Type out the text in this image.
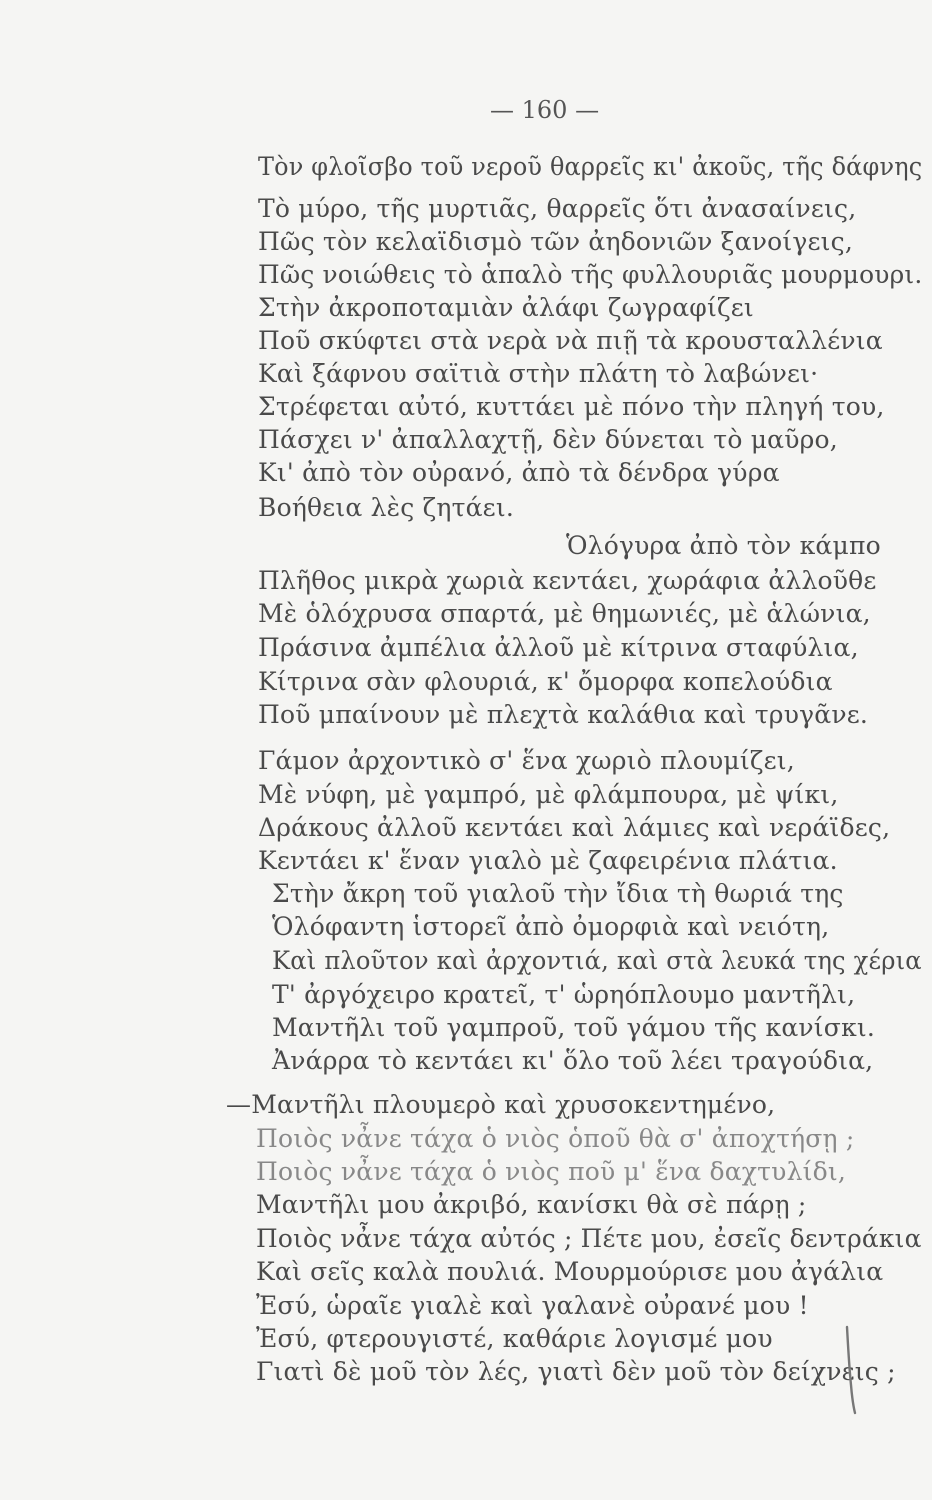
— 160 —
Τὸν φλοῖσβο τοῦ νεροῦ θαρρεῖς κι' ἀκοῦς, τῆς δάφνης
Τὸ μύρο, τῆς μυρτιᾶς, θαρρεῖς ὅτι ἀνασαίνεις,
Πῶς τὸν κελαϊδισμὸ τῶν ἀηδονιῶν ξανοίγεις,
Πῶς νοιώθεις τὸ ἁπαλὸ τῆς φυλλουριᾶς μουρμουρι.
Στὴν ἀκροποταμιὰν ἀλάφι ζωγραφίζει
Ποῦ σκύφτει στὰ νερὰ νὰ πιῇ τὰ κρουσταλλένια
Καὶ ξάφνου σαϊτιὰ στὴν πλάτη τὸ λαβώνει·
Στρέφεται αὐτό, κυττάει μὲ πόνο τὴν πληγή του,
Πάσχει ν' ἀπαλλαχτῇ, δὲν δύνεται τὸ μαῦρο,
Κι' ἀπὸ τὸν οὐρανό, ἀπὸ τὰ δένδρα γύρα
Βοήθεια λὲς ζητάει.
Ὁλόγυρα ἀπὸ τὸν κάμπο
Πλῆθος μικρὰ χωριὰ κεντάει, χωράφια ἀλλοῦθε
Μὲ ὁλόχρυσα σπαρτά, μὲ θημωνιές, μὲ ἁλώνια,
Πράσινα ἀμπέλια ἀλλοῦ μὲ κίτρινα σταφύλια,
Κίτρινα σὰν φλουριά, κ' ὄμορφα κοπελούδια
Ποῦ μπαίνουν μὲ πλεχτὰ καλάθια καὶ τρυγᾶνε.
Γάμον ἀρχοντικὸ σ' ἕνα χωριὸ πλουμίζει,
Μὲ νύφη, μὲ γαμπρό, μὲ φλάμπουρα, μὲ ψίκι,
Δράκους ἀλλοῦ κεντάει καὶ λάμιες καὶ νεράϊδες,
Κεντάει κ' ἕναν γιαλὸ μὲ ζαφειρένια πλάτια.
Στὴν ἄκρη τοῦ γιαλοῦ τὴν ἴδια τὴ θωριά της
Ὁλόφαντη ἱστορεῖ ἀπὸ ὀμορφιὰ καὶ νειότη,
Καὶ πλοῦτον καὶ ἀρχοντιά, καὶ στὰ λευκά της χέρια
Τ' ἀργόχειρο κρατεῖ, τ' ὡρηόπλουμο μαντῆλι,
Μαντῆλι τοῦ γαμπροῦ, τοῦ γάμου τῆς κανίσκι.
Ἀνάρρα τὸ κεντάει κι' ὅλο τοῦ λέει τραγούδια,
—Μαντῆλι πλουμερὸ καὶ χρυσοκεντημένο,
Ποιὸς νἆνε τάχα ὁ νιὸς ὁποῦ θὰ σ' ἀποχτήσῃ ;
Ποιὸς νἆνε τάχα ὁ νιὸς ποῦ μ' ἕνα δαχτυλίδι,
Μαντῆλι μου ἀκριβό, κανίσκι θὰ σὲ πάρῃ ;
Ποιὸς νἆνε τάχα αὐτός ; Πέτε μου, ἐσεῖς δεντράκια
Καὶ σεῖς καλὰ πουλιά. Μουρμούρισε μου ἀγάλια
Ἐσύ, ὡραῖε γιαλὲ καὶ γαλανὲ οὐρανέ μου !
Ἐσύ, φτερουγιστέ, καθάριε λογισμέ μου
Γιατὶ δὲ μοῦ τὸν λές, γιατὶ δὲν μοῦ τὸν δείχνεις ;
